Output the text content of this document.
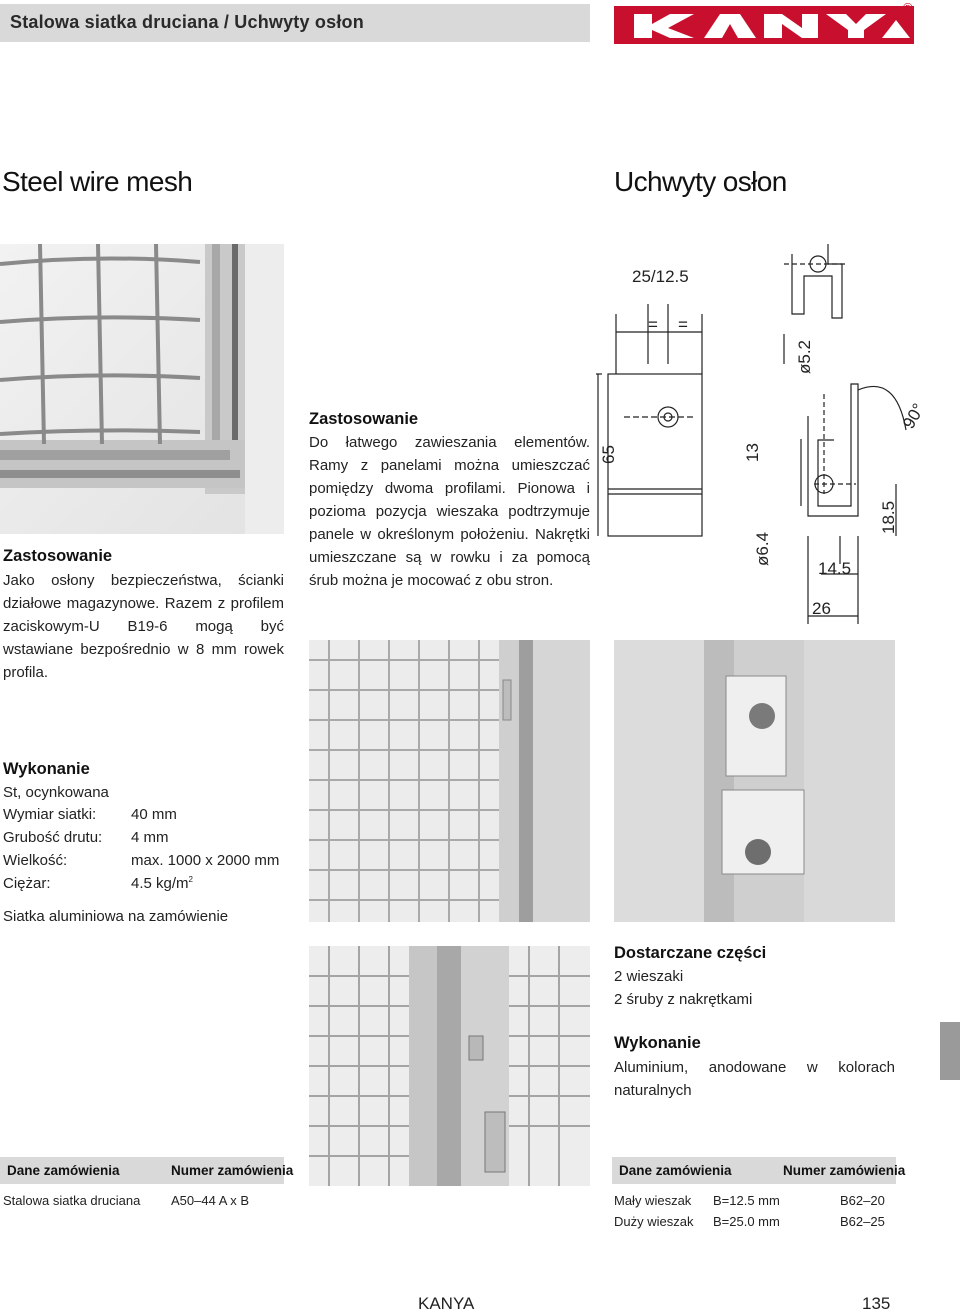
Stalowa siatka druciana / Uchwyty osłon
®
Steel wire mesh	Uchwyty osłon
Zastosowanie
Jako osłony bezpieczeństwa, ścianki działowe magazynowe. Razem z profilem zaciskowym-U B19-6 mogą być wstawiane bezpośrednio w 8 mm rowek profila.
Zastosowanie
Do łatwego zawieszania elementów. Ramy z panelami można umieszczać pomiędzy dwoma profilami. Pionowa i pozioma pozycja wieszaka podtrzymuje panele w określonym położeniu. Nakrętki umieszczane są w rowku i za pomocą śrub można je mocować z obu stron.
25/12.5
65
ø5.2
90°
13
ø6.4
18.5
14.5
26
= =
Wykonanie
St, ocynkowana
Wymiar siatki: 40 mm
Grubość drutu: 4 mm
Wielkość:	max. 1000 x 2000 mm
Ciężar:	4.5 $kg/m^2$
Siatka aluminiowa na zamówienie
Dostarczane części
2 wieszaki
2 śruby z nakrętkami
Wykonanie
Aluminium, anodowane w kolorach naturalnych
Dane zamówienia	Numer zamówienia
Stalowa siatka druciana A50–44 A x B
Dane zamówienia	Numer zamówienia
Mały wieszak B=12.5 mm	B62–20
Duży wieszak B=25.0 mm	B62–25
KANYA	135
